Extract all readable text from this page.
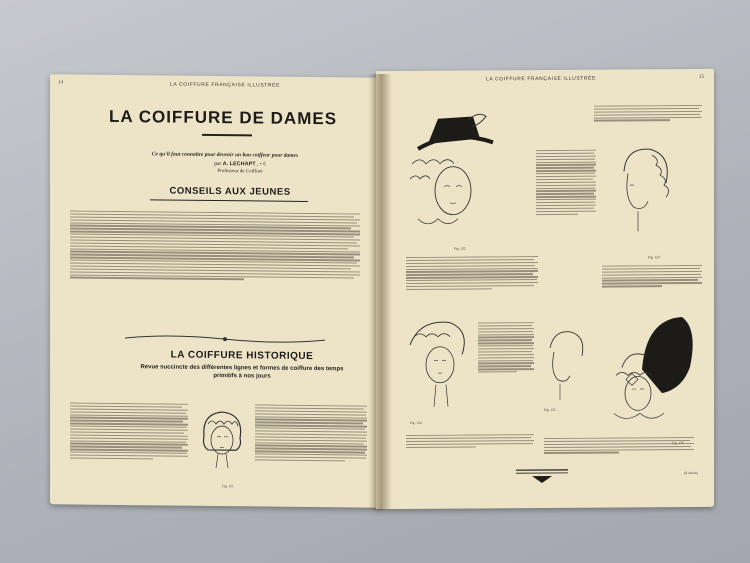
14	LA COIFFURE FRANÇAISE ILLUSTRÉE
LA COIFFURE DE DAMES
Ce qu'il faut connaître pour devenir un bon coiffeur pour dames
par A. LECHAPT , • ◊
Professeur de Coiffure
CONSEILS AUX JEUNES
LA COIFFURE HISTORIQUE
Revue succincte des différentes lignes et formes de coiffure des temps primitifs à nos jours
Fig. 121
LA COIFFURE FRANÇAISE ILLUSTRÉE	15
Fig. 122
Fig. 123
Fig. 124
Fig. 125
(À suivre)
